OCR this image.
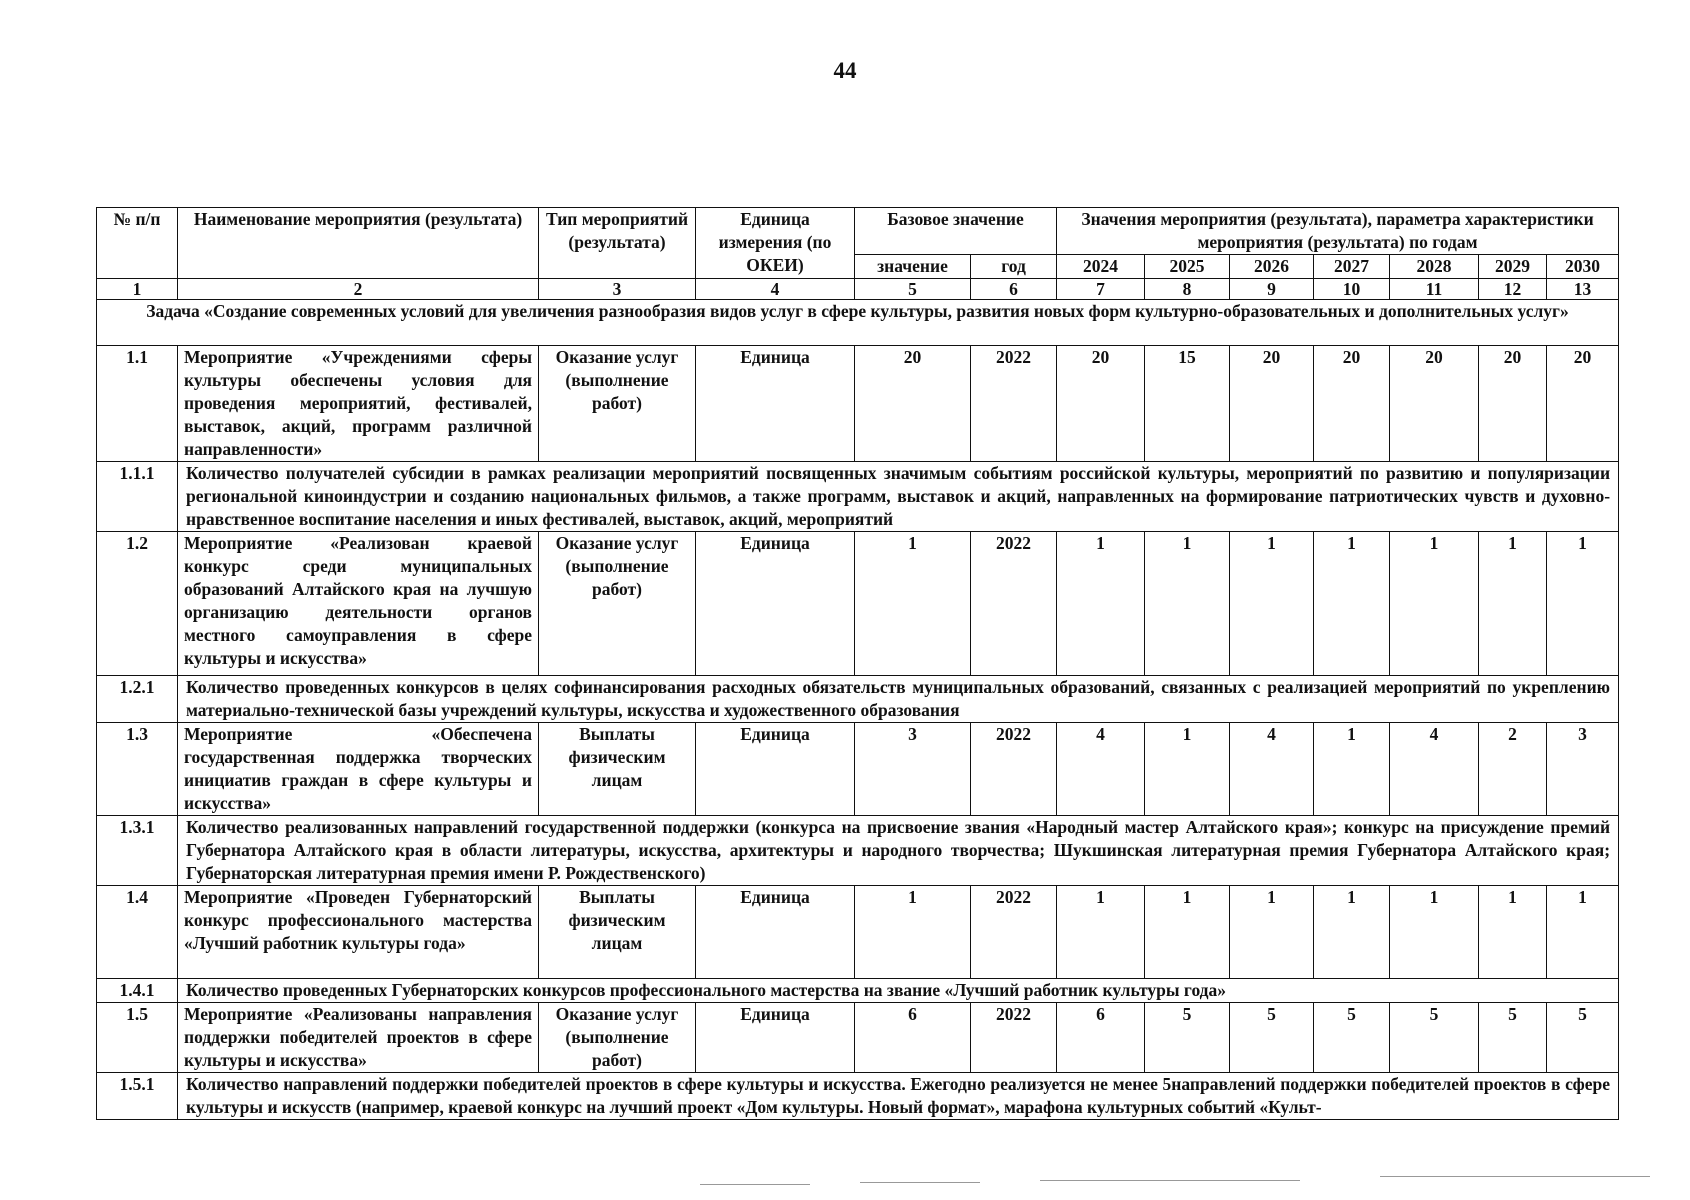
44
№ п/п	Наименование мероприятия (результата)	Тип мероприятий (результата)	Единица измерения (по ОКЕИ)	Базовое значение		Значения мероприятия (результата), параметра характеристики мероприятия (результата) по годам						
				значение	год	2024	2025	2026	2027	2028	2029	2030
1	2	3	4	5	6	7	8	9	10	11	12	13
Задача «Создание современных условий для увеличения разнообразия видов услуг в сфере культуры, развития новых форм культурно-образовательных и дополнительных услуг»												
1.1	Мероприятие «Учреждениями сферы культуры обеспечены условия для проведения мероприятий, фестивалей, выставок, акций, программ различной направленности»	Оказание услуг (выполнение работ)	Единица	20	2022	20	15	20	20	20	20	20
1.1.1	Количество получателей субсидии в рамках реализации мероприятий посвященных значимым событиям российской культуры, мероприятий по развитию и популяризации региональной киноиндустрии и созданию национальных фильмов, а также программ, выставок и акций, направленных на формирование патриотических чувств и духовно-нравственное воспитание населения и иных фестивалей, выставок, акций, мероприятий											
1.2	Мероприятие «Реализован краевой конкурс среди муниципальных образований Алтайского края на лучшую организацию деятельности органов местного самоуправления в сфере культуры и искусства»	Оказание услуг (выполнение работ)	Единица	1	2022	1	1	1	1	1	1	1
1.2.1	Количество проведенных конкурсов в целях софинансирования расходных обязательств муниципальных образований, связанных с реализацией мероприятий по укреплению материально-технической базы учреждений культуры, искусства и художественного образования											
1.3	Мероприятие «Обеспечена государственная поддержка творческих инициатив граждан в сфере культуры и искусства»	Выплаты физическим лицам	Единица	3	2022	4	1	4	1	4	2	3
1.3.1	Количество реализованных направлений государственной поддержки (конкурса на присвоение звания «Народный мастер Алтайского края»; конкурс на присуждение премий Губернатора Алтайского края в области литературы, искусства, архитектуры и народного творчества; Шукшинская литературная премия Губернатора Алтайского края; Губернаторская литературная премия имени Р. Рождественского)											
1.4	Мероприятие «Проведен Губернаторский конкурс профессионального мастерства «Лучший работник культуры года»	Выплаты физическим лицам	Единица	1	2022	1	1	1	1	1	1	1
1.4.1	Количество проведенных Губернаторских конкурсов профессионального мастерства на звание «Лучший работник культуры года»											
1.5	Мероприятие «Реализованы направления поддержки победителей проектов в сфере культуры и искусства»	Оказание услуг (выполнение работ)	Единица	6	2022	6	5	5	5	5	5	5
1.5.1	Количество направлений поддержки победителей проектов в сфере культуры и искусства. Ежегодно реализуется не менее 5направлений поддержки победителей проектов в сфере культуры и искусств (например, краевой конкурс на лучший проект «Дом культуры. Новый формат», марафона культурных событий «Культ-											
